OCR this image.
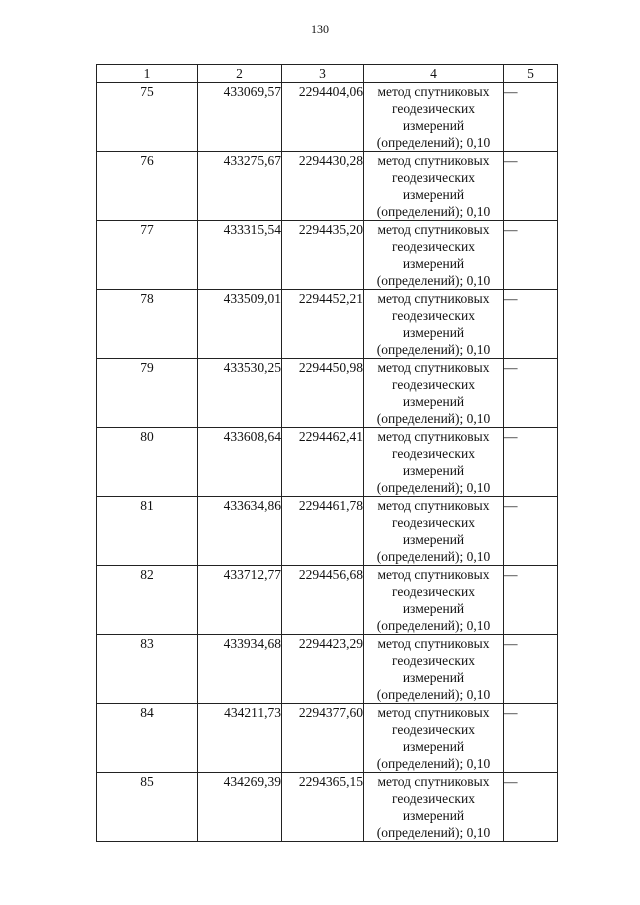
130
1	2	3	4	5
75	433069,57	2294404,06	метод спутниковых
геодезических
измерений
(определений); 0,10	—
76	433275,67	2294430,28	метод спутниковых
геодезических
измерений
(определений); 0,10	—
77	433315,54	2294435,20	метод спутниковых
геодезических
измерений
(определений); 0,10	—
78	433509,01	2294452,21	метод спутниковых
геодезических
измерений
(определений); 0,10	—
79	433530,25	2294450,98	метод спутниковых
геодезических
измерений
(определений); 0,10	—
80	433608,64	2294462,41	метод спутниковых
геодезических
измерений
(определений); 0,10	—
81	433634,86	2294461,78	метод спутниковых
геодезических
измерений
(определений); 0,10	—
82	433712,77	2294456,68	метод спутниковых
геодезических
измерений
(определений); 0,10	—
83	433934,68	2294423,29	метод спутниковых
геодезических
измерений
(определений); 0,10	—
84	434211,73	2294377,60	метод спутниковых
геодезических
измерений
(определений); 0,10	—
85	434269,39	2294365,15	метод спутниковых
геодезических
измерений
(определений); 0,10	—
